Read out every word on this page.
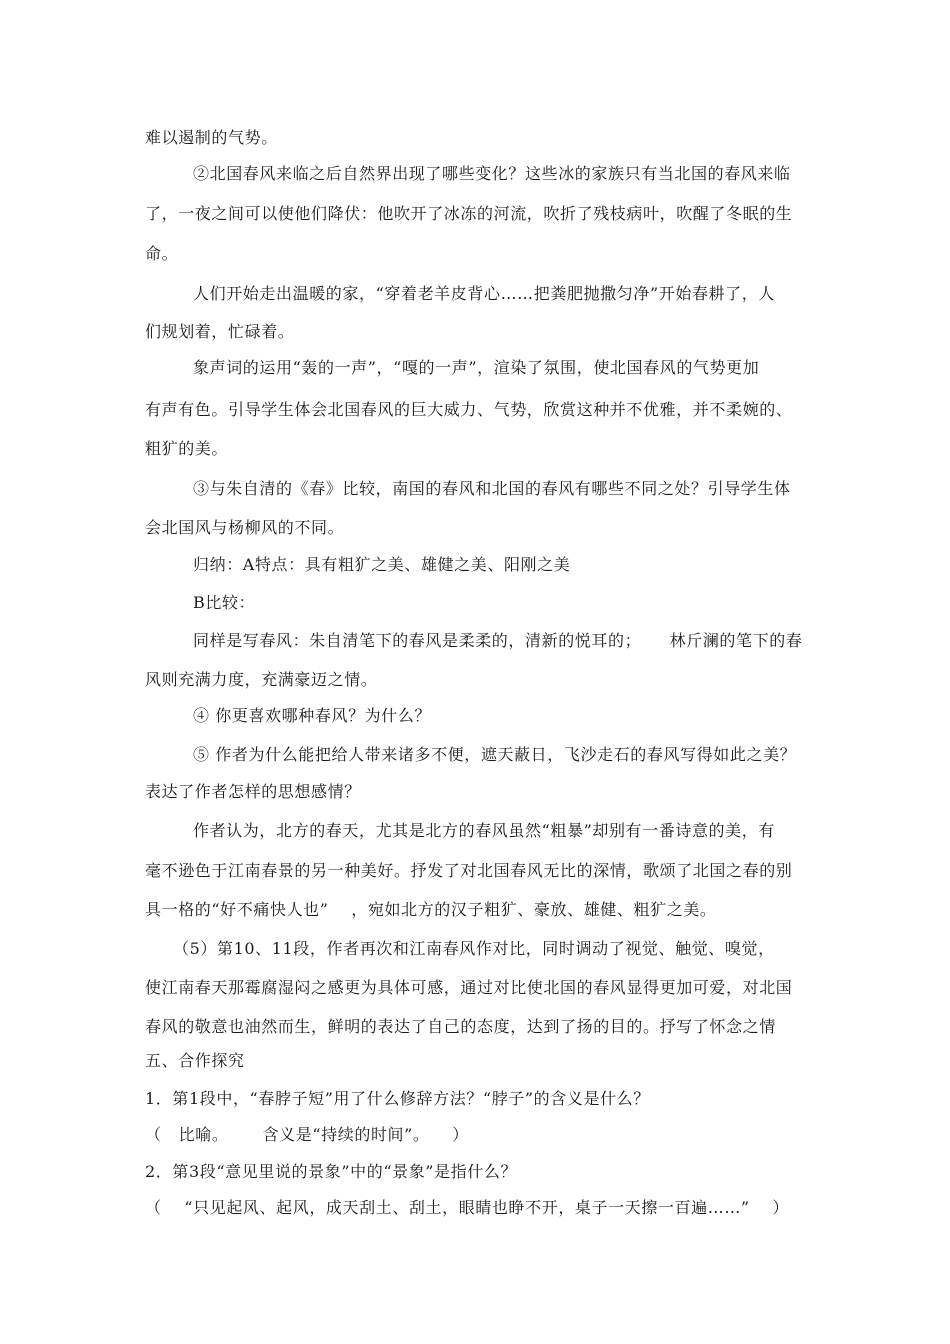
难以遏制的气势。
②北国春风来临之后自然界出现了哪些变化？这些冰的家族只有当北国的春风来临
了，一夜之间可以使他们降伏：他吹开了冰冻的河流，吹折了残枝病叶，吹醒了冬眠的生
命。
人们开始走出温暖的家，“穿着老羊皮背心……把粪肥抛撒匀净”开始春耕了，人
们规划着，忙碌着。
象声词的运用“轰的一声”，“嘎的一声”，渲染了氛围，使北国春风的气势更加
有声有色。引导学生体会北国春风的巨大威力、气势，欣赏这种并不优雅，并不柔婉的、
粗犷的美。
③与朱自清的《春》比较，南国的春风和北国的春风有哪些不同之处？引导学生体
会北国风与杨柳风的不同。
归纳：A特点：具有粗犷之美、雄健之美、阳刚之美
B比较：
同样是写春风：朱自清笔下的春风是柔柔的，清新的悦耳的；     林斤澜的笔下的春
风则充满力度，充满豪迈之情。
④ 你更喜欢哪种春风？为什么？
⑤ 作者为什么能把给人带来诸多不便，遮天蔽日，飞沙走石的春风写得如此之美？
表达了作者怎样的思想感情？
作者认为，北方的春天，尤其是北方的春风虽然“粗暴”却别有一番诗意的美，有
毫不逊色于江南春景的另一种美好。抒发了对北国春风无比的深情，歌颂了北国之春的别
具一格的“好不痛快人也”    ，宛如北方的汉子粗犷、豪放、雄健、粗犷之美。
（5）第10、11段，作者再次和江南春风作对比，同时调动了视觉、触觉、嗅觉，
使江南春天那霉腐湿闷之感更为具体可感，通过对比使北国的春风显得更加可爱，对北国
春风的敬意也油然而生，鲜明的表达了自己的态度，达到了扬的目的。抒写了怀念之情
五、合作探究
1．第1段中，“春脖子短”用了什么修辞方法？“脖子”的含义是什么？
（   比喻。      含义是“持续的时间”。    ）
2．第3段“意见里说的景象”中的“景象”是指什么？
（    “只见起风、起风，成天刮土、刮土，眼睛也睁不开，桌子一天擦一百遍……”    ）
